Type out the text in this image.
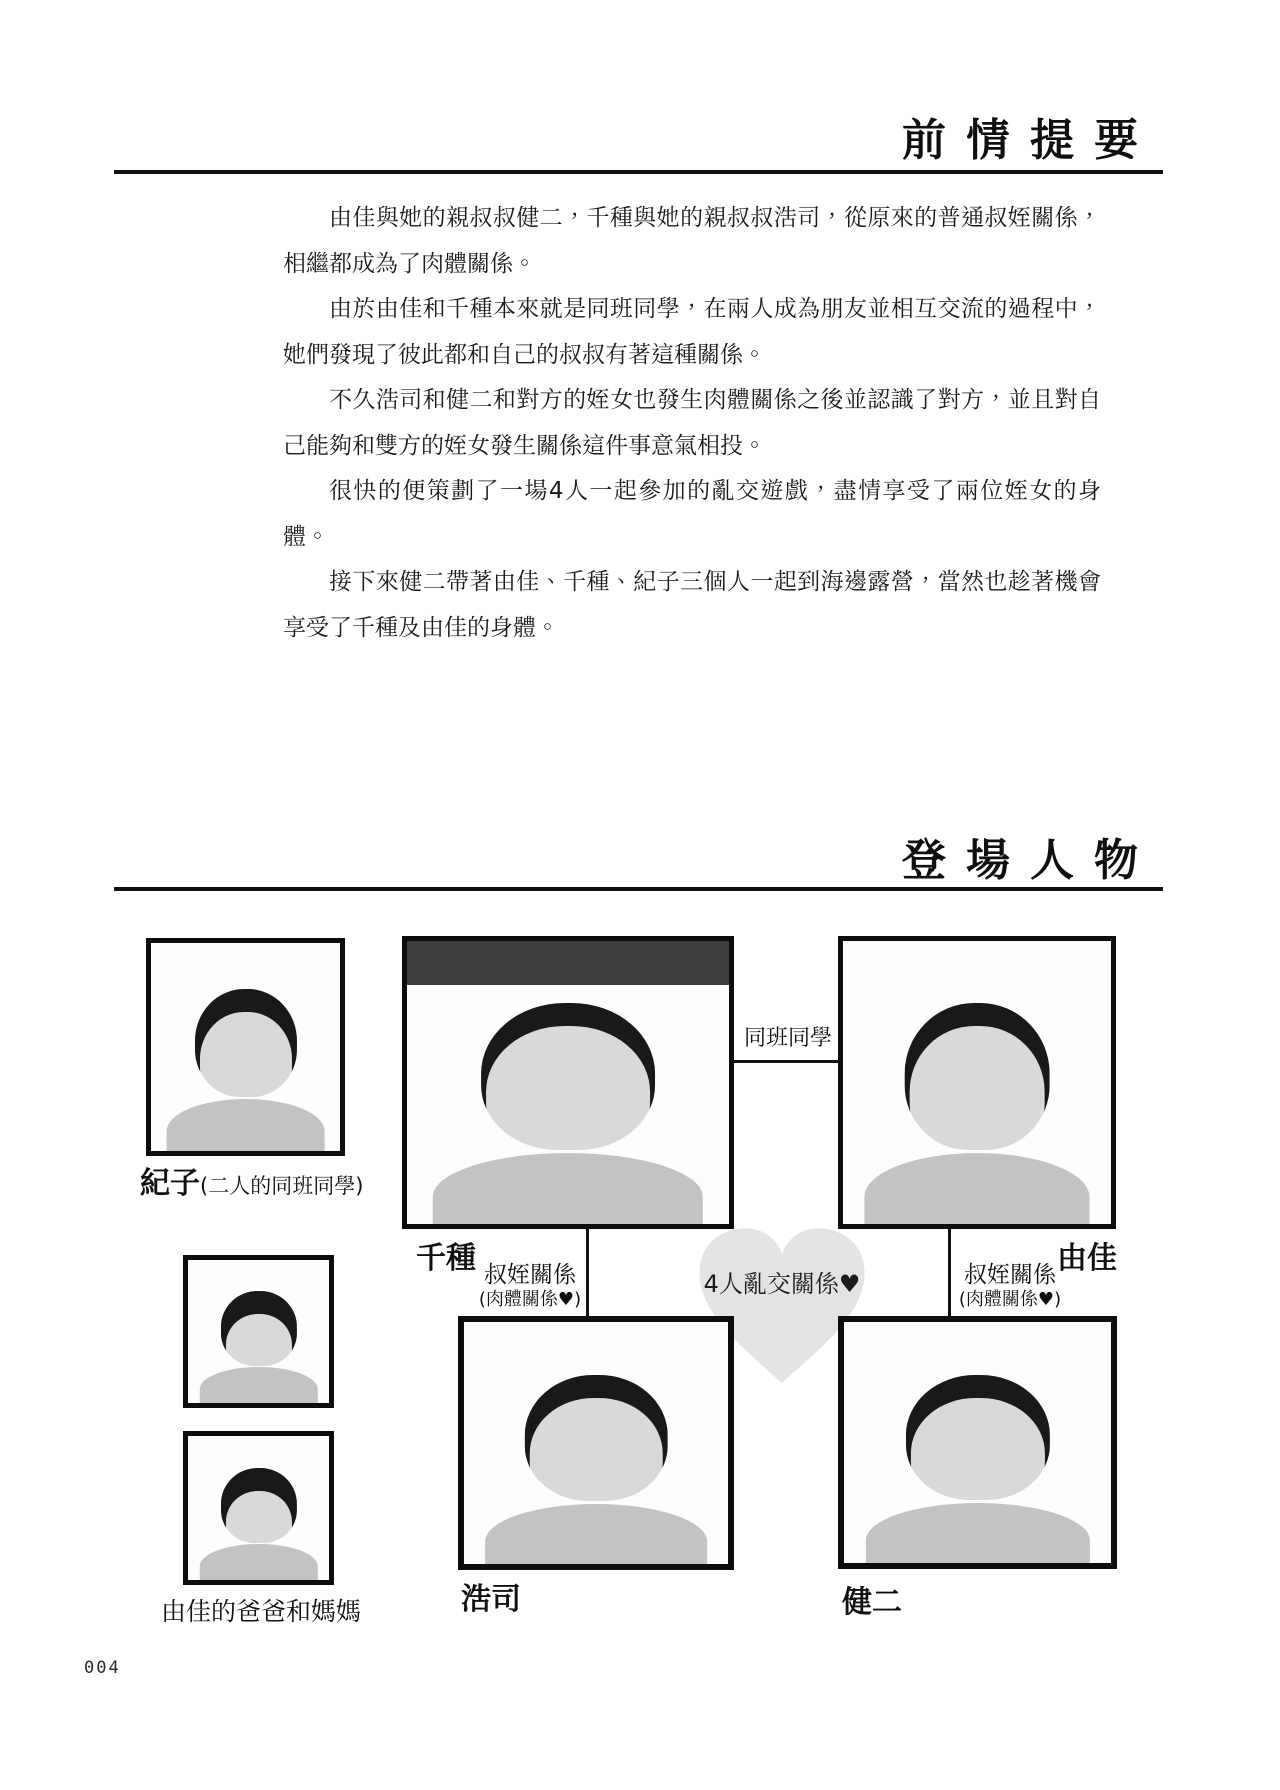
前情提要

由佳與她的親叔叔健二，千種與她的親叔叔浩司，從原來的普通叔姪關係，相繼都成為了肉體關係。

由於由佳和千種本來就是同班同學，在兩人成為朋友並相互交流的過程中，她們發現了彼此都和自己的叔叔有著這種關係。

不久浩司和健二和對方的姪女也發生肉體關係之後並認識了對方，並且對自己能夠和雙方的姪女發生關係這件事意氣相投。

很快的便策劃了一場4人一起參加的亂交遊戲，盡情享受了兩位姪女的身體。

接下來健二帶著由佳、千種、紀子三個人一起到海邊露營，當然也趁著機會享受了千種及由佳的身體。

登場人物
紀子(二人的同班同學)
千種	由佳
浩司	健二
由佳的爸爸和媽媽
同班同學
叔姪關係
(肉體關係♥)
叔姪關係
(肉體關係♥)
4人亂交關係♥
004
